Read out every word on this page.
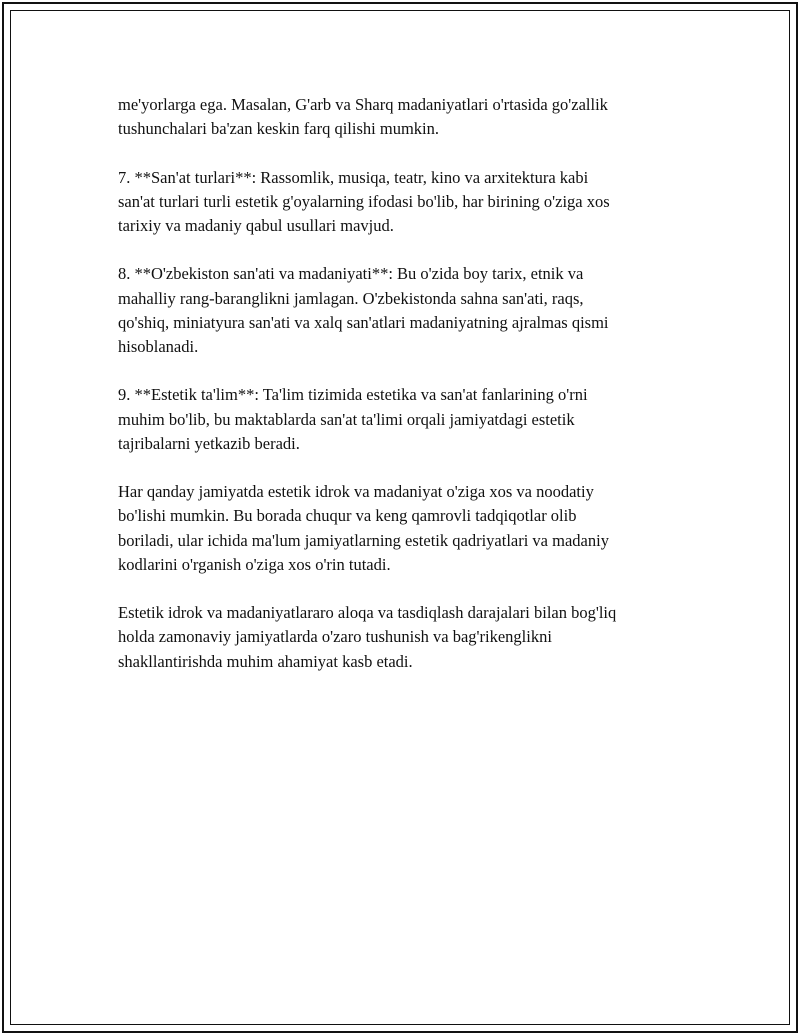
me'yorlarga ega. Masalan, G'arb va Sharq madaniyatlari o'rtasida go'zallik
tushunchalari ba'zan keskin farq qilishi mumkin.

7. **San'at turlari**: Rassomlik, musiqa, teatr, kino va arxitektura kabi
san'at turlari turli estetik g'oyalarning ifodasi bo'lib, har birining o'ziga xos
tarixiy va madaniy qabul usullari mavjud.

8. **O'zbekiston san'ati va madaniyati**: Bu o'zida boy tarix, etnik va
mahalliy rang-baranglikni jamlagan. O'zbekistonda sahna san'ati, raqs,
qo'shiq, miniatyura san'ati va xalq san'atlari madaniyatning ajralmas qismi
hisoblanadi.

9. **Estetik ta'lim**: Ta'lim tizimida estetika va san'at fanlarining o'rni
muhim bo'lib, bu maktablarda san'at ta'limi orqali jamiyatdagi estetik
tajribalarni yetkazib beradi.

Har qanday jamiyatda estetik idrok va madaniyat o'ziga xos va noodatiy
bo'lishi mumkin. Bu borada chuqur va keng qamrovli tadqiqotlar olib
boriladi, ular ichida ma'lum jamiyatlarning estetik qadriyatlari va madaniy
kodlarini o'rganish o'ziga xos o'rin tutadi.

Estetik idrok va madaniyatlararo aloqa va tasdiqlash darajalari bilan bog'liq
holda zamonaviy jamiyatlarda o'zaro tushunish va bag'rikenglikni
shakllantirishda muhim ahamiyat kasb etadi.
